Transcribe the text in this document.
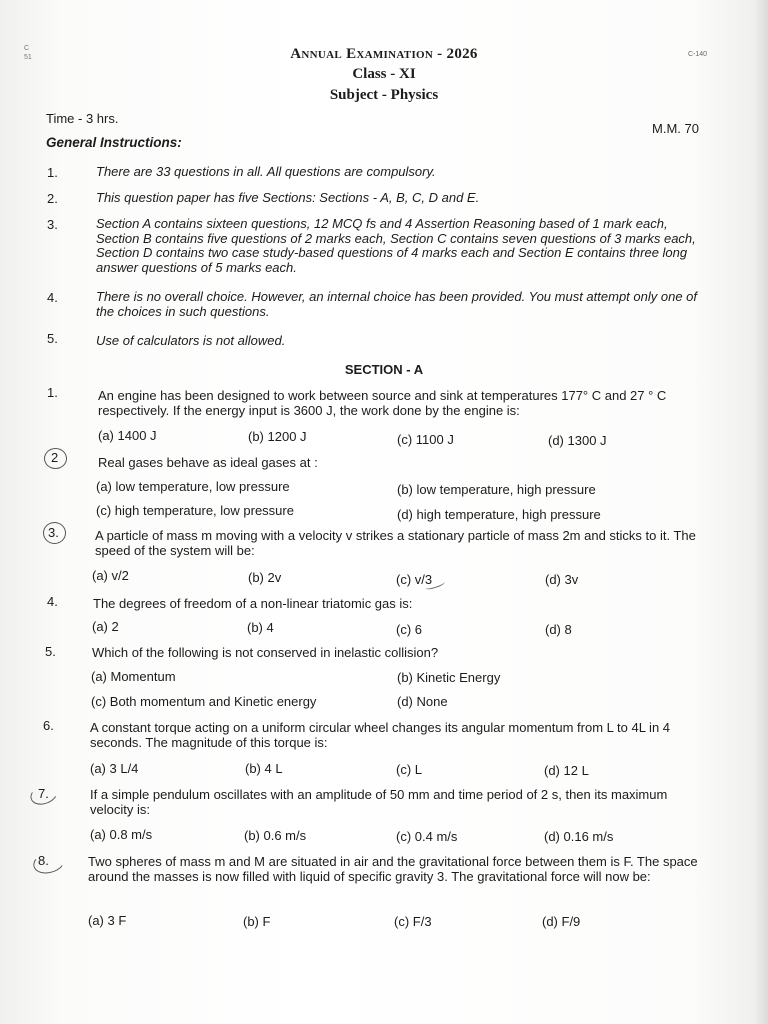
C 51	C-140
Annual Examination - 2026
Class - XI
Subject - Physics
Time - 3 hrs.
M.M. 70
General Instructions:
1.	There are 33 questions in all. All questions are compulsory.
2.	This question paper has five Sections: Sections - A, B, C, D and E.
3.	Section A contains sixteen questions, 12 MCQ fs and 4 Assertion Reasoning based of 1 mark each, Section B contains five questions of 2 marks each, Section C contains seven questions of 3 marks each, Section D contains two case study-based questions of 4 marks each and Section E contains three long answer questions of 5 marks each.
4.	There is no overall choice. However, an internal choice has been provided. You must attempt only one of the choices in such questions.
5.	Use of calculators is not allowed.
SECTION - A
1.	An engine has been designed to work between source and sink at temperatures 177° C and 27 ° C respectively. If the energy input is 3600 J, the work done by the engine is:
(a) 1400 J	(b) 1200 J	(c) 1100 J	(d) 1300 J
2	Real gases behave as ideal gases at :
(a) low temperature, low pressure	(b) low temperature, high pressure
(c) high temperature, low pressure	(d) high temperature, high pressure
3.	A particle of mass m moving with a velocity v strikes a stationary particle of mass 2m and sticks to it. The speed of the system will be:
(a) v/2	(b) 2v	(c) v/3	(d) 3v
4.	The degrees of freedom of a non-linear triatomic gas is:
(a) 2	(b) 4	(c) 6	(d) 8
5.	Which of the following is not conserved in inelastic collision?
(a) Momentum	(b) Kinetic Energy
(c) Both momentum and Kinetic energy	(d) None
6.	A constant torque acting on a uniform circular wheel changes its angular momentum from L to 4L in 4 seconds. The magnitude of this torque is:
(a) 3 L/4	(b) 4 L	(c) L	(d) 12 L
7.	If a simple pendulum oscillates with an amplitude of 50 mm and time period of 2 s, then its maximum velocity is:
(a) 0.8 m/s	(b) 0.6 m/s	(c) 0.4 m/s	(d) 0.16 m/s
8.	Two spheres of mass m and M are situated in air and the gravitational force between them is F. The space around the masses is now filled with liquid of specific gravity 3. The gravitational force will now be:
(a) 3 F	(b) F	(c) F/3	(d) F/9
